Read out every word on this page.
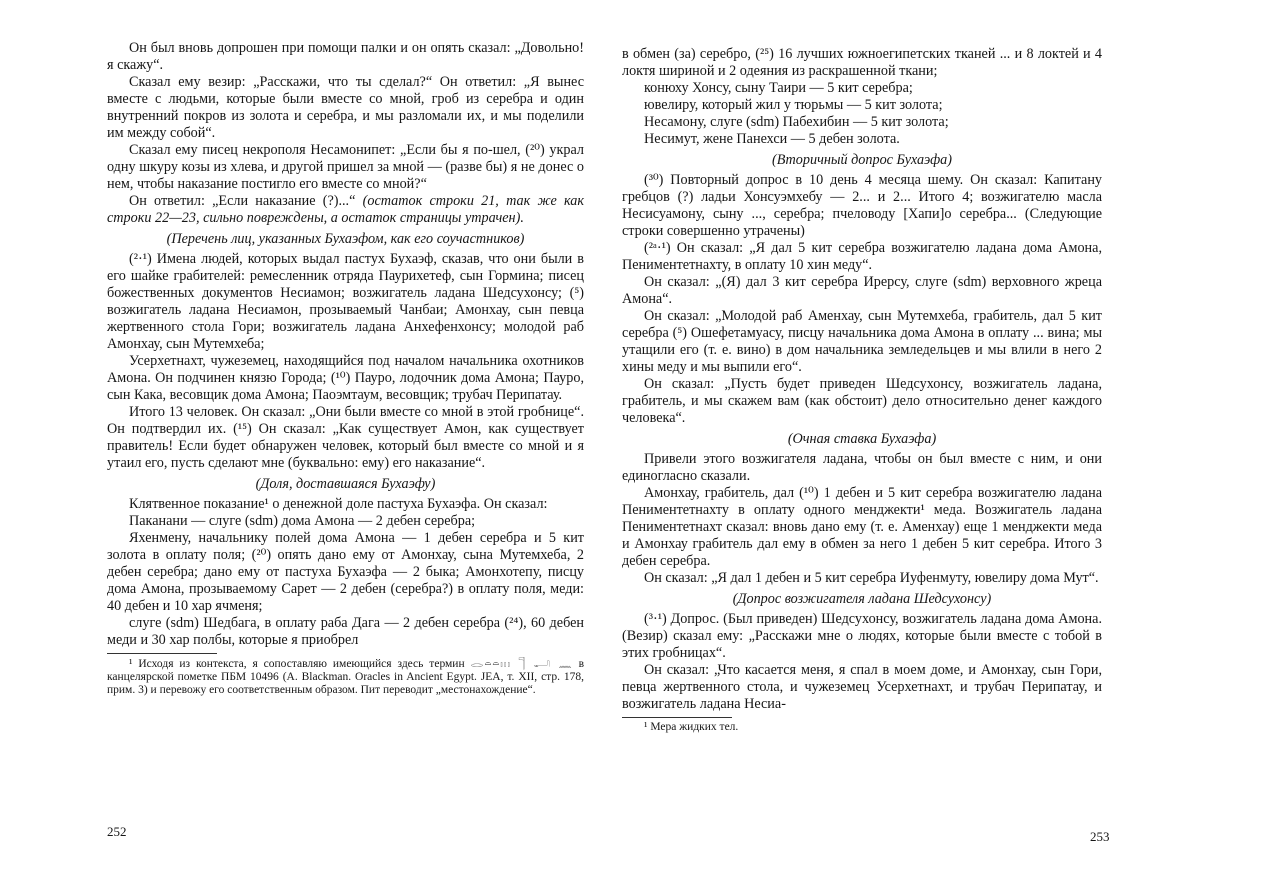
Он был вновь допрошен при помощи палки и он опять сказал: „Довольно! я скажу“.

Сказал ему везир: „Расскажи, что ты сделал?“ Он ответил: „Я вынес вместе с людьми, которые были вместе со мной, гроб из серебра и один внутренний покров из золота и серебра, и мы разломали их, и мы поделили им между собой“.

Сказал ему писец некрополя Несамонипет: „Если бы я по-шел, (²⁰) украл одну шкуру козы из хлева, и другой пришел за мной — (разве бы) я не донес о нем, чтобы наказание постигло его вместе со мной?“

Он ответил: „Если наказание (?)...“ (остаток строки 21, так же как строки 22—23, сильно повреждены, а остаток страницы утрачен).

(Перечень лиц, указанных Бухаэфом, как его соучастников)

(²·¹) Имена людей, которых выдал пастух Бухаэф, сказав, что они были в его шайке грабителей: ремесленник отряда Паурихетеф, сын Гормина; писец божественных документов Несиамон; возжигатель ладана Шедсухонсу; (⁵) возжигатель ладана Несиамон, прозываемый Чанбаи; Амонхау, сын певца жертвенного стола Гори; возжигатель ладана Анхефенхонсу; молодой раб Амонхау, сын Мутемхеба;

Усерхетнахт, чужеземец, находящийся под началом начальника охотников Амона. Он подчинен князю Города; (¹⁰) Пауро, лодочник дома Амона; Пауро, сын Кака, весовщик дома Амона; Паоэмтаум, весовщик; трубач Перипатау.

Итого 13 человек. Он сказал: „Они были вместе со мной в этой гробнице“. Он подтвердил их. (¹⁵) Он сказал: „Как существует Амон, как существует правитель! Если будет обнаружен человек, который был вместе со мной и я утаил его, пусть сделают мне (буквально: ему) его наказание“.

(Доля, доставшаяся Бухаэфу)

Клятвенное показание¹ о денежной доле пастуха Бухаэфа. Он сказал:

Паканани — слуге (sdm) дома Амона — 2 дебен серебра;

Яхенмену, начальнику полей дома Амона — 1 дебен серебра и 5 кит золота в оплату поля; (²⁰) опять дано ему от Амонхау, сына Мутемхеба, 2 дебен серебра; дано ему от пастуха Бухаэфа — 2 быка; Амонхотепу, писцу дома Амона, прозываемому Сарет — 2 дебен (серебра?) в оплату поля, меди: 40 дебен и 10 хар ячменя;

слуге (sdm) Шедбага, в оплату раба Дага — 2 дебен серебра (²⁴), 60 дебен меди и 30 хар полбы, которые я приобрел

¹ Исходя из контекста, я сопоставляю имеющийся здесь термин 𓂋𓏏𓏏𓏥 𓊹 𓂝 𓈖 в канцелярской пометке ПБМ 10496 (A. Blackman. Oracles in Ancient Egypt. JEA, т. XII, стр. 178, прим. 3) и перевожу его соответственным образом. Пит переводит „местонахождение“.

252

в обмен (за) серебро, (²⁵) 16 лучших южноегипетских тканей ... и 8 локтей и 4 локтя шириной и 2 одеяния из раскрашенной ткани;

конюху Хонсу, сыну Таири — 5 кит серебра;

ювелиру, который жил у тюрьмы — 5 кит золота;

Несамону, слуге (sdm) Пабехибин — 5 кит золота;

Несимут, жене Панехси — 5 дебен золота.

(Вторичный допрос Бухаэфа)

(³⁰) Повторный допрос в 10 день 4 месяца шему. Он сказал: Капитану гребцов (?) ладьи Хонсуэмхебу — 2... и 2... Итого 4; возжигателю масла Несисуамону, сыну ..., серебра; пчеловоду [Хапи]о серебра... (Следующие строки совершенно утрачены)

(²ᵃ·¹) Он сказал: „Я дал 5 кит серебра возжигателю ладана дома Амона, Пениментетнахту, в оплату 10 хин меду“.

Он сказал: „(Я) дал 3 кит серебра Иреpсу, слуге (sdm) верховного жреца Амона“.

Он сказал: „Молодой раб Аменхау, сын Мутемхеба, грабитель, дал 5 кит серебра (⁵) Ошефетамуасу, писцу начальника дома Амона в оплату ... вина; мы утащили его (т. е. вино) в дом начальника земледельцев и мы влили в него 2 хины меду и мы выпили его“.

Он сказал: „Пусть будет приведен Шедсухонсу, возжигатель ладана, грабитель, и мы скажем вам (как обстоит) дело относительно денег каждого человека“.

(Очная ставка Бухаэфа)

Привели этого возжигателя ладана, чтобы он был вместе с ним, и они единогласно сказали.

Амонхау, грабитель, дал (¹⁰) 1 дебен и 5 кит серебра возжигателю ладана Пениментетнахту в оплату одного менджекти¹ меда. Возжигатель ладана Пениментетнахт сказал: вновь дано ему (т. е. Аменхау) еще 1 менджекти меда и Амонхау грабитель дал ему в обмен за него 1 дебен 5 кит серебра. Итого 3 дебен серебра.

Он сказал: „Я дал 1 дебен и 5 кит серебра Иуфенмуту, ювелиру дома Мут“.

(Допрос возжигателя ладана Шедсухонсу)

(³·¹) Допрос. (Был приведен) Шедсухонсу, возжигатель ладана дома Амона. (Везир) сказал ему: „Расскажи мне о людях, которые были вместе с тобой в этих гробницах“.

Он сказал: „Что касается меня, я спал в моем доме, и Амонхау, сын Гори, певца жертвенного стола, и чужеземец Усерхетнахт, и трубач Перипатау, и возжигатель ладана Несиа-

¹ Мера жидких тел.

253
